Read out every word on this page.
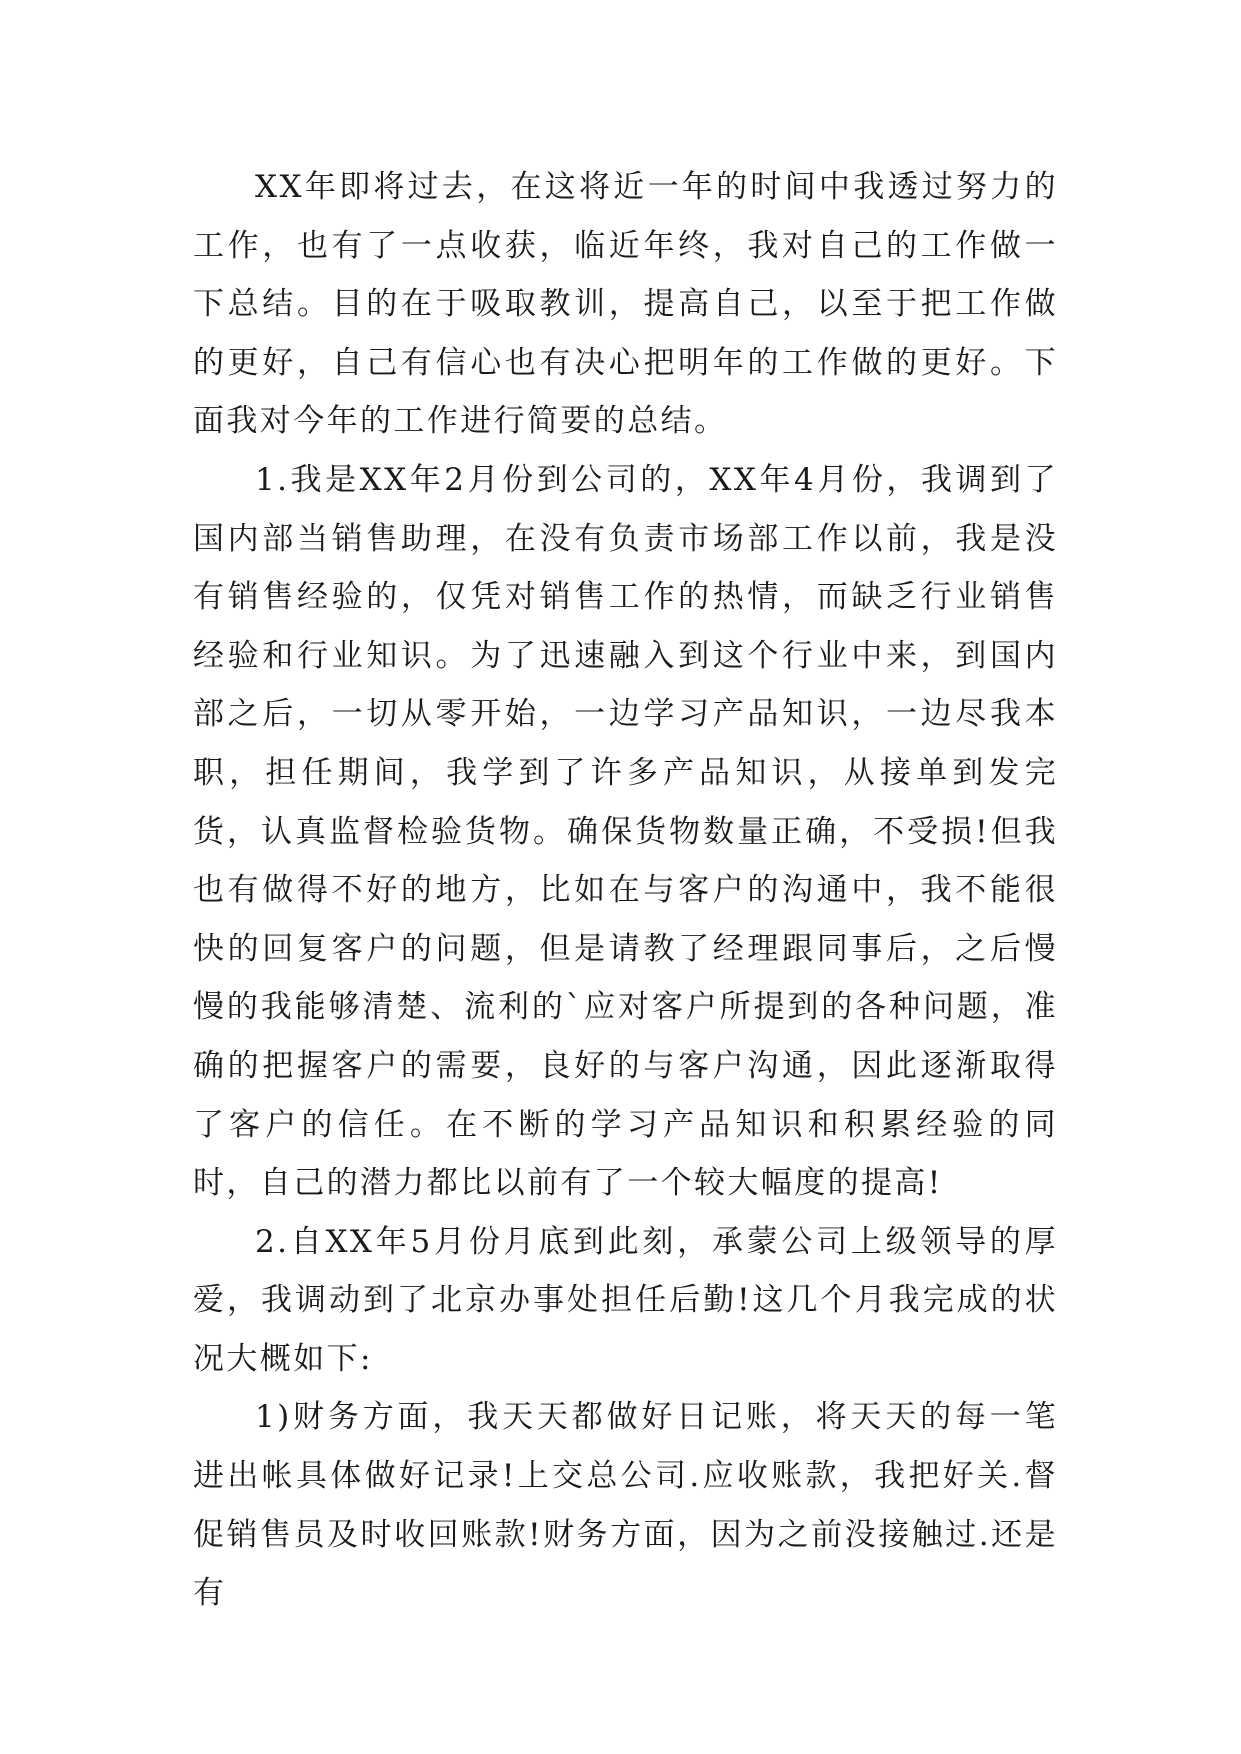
XX年即将过去，在这将近一年的时间中我透过努力的工作，也有了一点收获，临近年终，我对自己的工作做一下总结。目的在于吸取教训，提高自己，以至于把工作做的更好，自己有信心也有决心把明年的工作做的更好。下面我对今年的工作进行简要的总结。

1.我是XX年2月份到公司的，XX年4月份，我调到了国内部当销售助理，在没有负责市场部工作以前，我是没有销售经验的，仅凭对销售工作的热情，而缺乏行业销售经验和行业知识。为了迅速融入到这个行业中来，到国内部之后，一切从零开始，一边学习产品知识，一边尽我本职，担任期间，我学到了许多产品知识，从接单到发完货，认真监督检验货物。确保货物数量正确，不受损!但我也有做得不好的地方，比如在与客户的沟通中，我不能很快的回复客户的问题，但是请教了经理跟同事后，之后慢慢的我能够清楚、流利的`应对客户所提到的各种问题，准确的把握客户的需要，良好的与客户沟通，因此逐渐取得了客户的信任。在不断的学习产品知识和积累经验的同时，自己的潜力都比以前有了一个较大幅度的提高!

2.自XX年5月份月底到此刻，承蒙公司上级领导的厚爱，我调动到了北京办事处担任后勤!这几个月我完成的状况大概如下:

1)财务方面，我天天都做好日记账，将天天的每一笔进出帐具体做好记录!上交总公司.应收账款，我把好关.督促销售员及时收回账款!财务方面，因为之前没接触过.还是有
